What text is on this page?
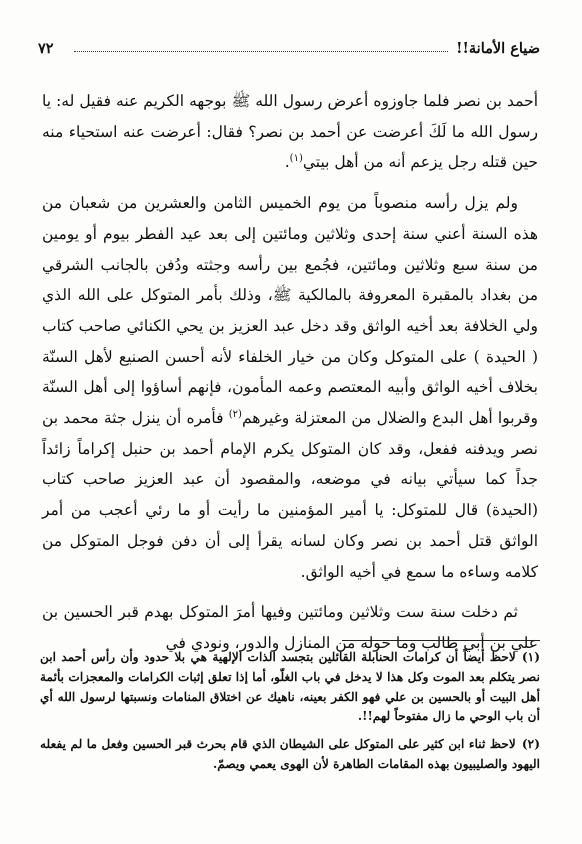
ضياع الأمانة!!
٧٢

أحمد بن نصر فلما جاوزوه أعرض رسول الله ﷺ بوجهه الكريم عنه فقيل له: يا رسول الله ما لَكَ أعرضت عن أحمد بن نصر؟ فقال: أعرضت عنه استحياء منه حين قتله رجل يزعم أنه من أهل بيتي$^{(١)}$.

ولم يزل رأسه منصوباً من يوم الخميس الثامن والعشرين من شعبان من هذه السنة أعني سنة إحدى وثلاثين ومائتين إلى بعد عيد الفطر بيوم أو يومين من سنة سبع وثلاثين ومائتين، فجُمع بين رأسه وجثته ودُفن بالجانب الشرقي من بغداد بالمقبرة المعروفة بالمالكية ﷺ، وذلك بأمر المتوكل على الله الذي ولي الخلافة بعد أخيه الواثق وقد دخل عبد العزيز بن يحي الكنائي صاحب كتاب ( الحيدة ) على المتوكل وكان من خيار الخلفاء لأنه أحسن الصنيع لأهل السنّة بخلاف أخيه الواثق وأبيه المعتصم وعمه المأمون، فإنهم أساؤوا إلى أهل السنّة وقربوا أهل البدع والضلال من المعتزلة وغيرهم$^{(٢)}$ فأمره أن ينزل جثة محمد بن نصر ويدفنه ففعل، وقد كان المتوكل يكرم الإمام أحمد بن حنبل إكراماً زائداً جداً كما سيأتي بيانه في موضعه، والمقصود أن عبد العزيز صاحب كتاب (الحيدة) قال للمتوكل: يا أمير المؤمنين ما رأيت أو ما رئي أعجب من أمر الواثق قتل أحمد بن نصر وكان لسانه يقرأ إلى أن دفن فوجل المتوكل من كلامه وساءه ما سمع في أخيه الواثق.

ثم دخلت سنة ست وثلاثين ومائتين وفيها أمرَ المتوكل بهدم قبر الحسين بن علي بن أبي طالب وما حوله من المنازل والدور، ونودي في

(١)لاحظ أيضاً أن كرامات الحنابلة القائلين بتجسد الذات الإلهية هي بلا حدود وأن رأس أحمد ابن نصر يتكلم بعد الموت وكل هذا لا يدخل في باب الغلّو، أما إذا تعلق إثبات الكرامات والمعجزات بأئمة أهل البيت أو بالحسين بن علي فهو الكفر بعينه، ناهيك عن اختلاق المنامات ونسبتها لرسول الله أي أن باب الوحي ما زال مفتوحاً لهم!!.

(٢)لاحظ ثناء ابن كثير على المتوكل على الشيطان الذي قام بحرث قبر الحسين وفعل ما لم يفعله اليهود والصليبيون بهذه المقامات الطاهرة لأن الهوى يعمي ويصمّ.
